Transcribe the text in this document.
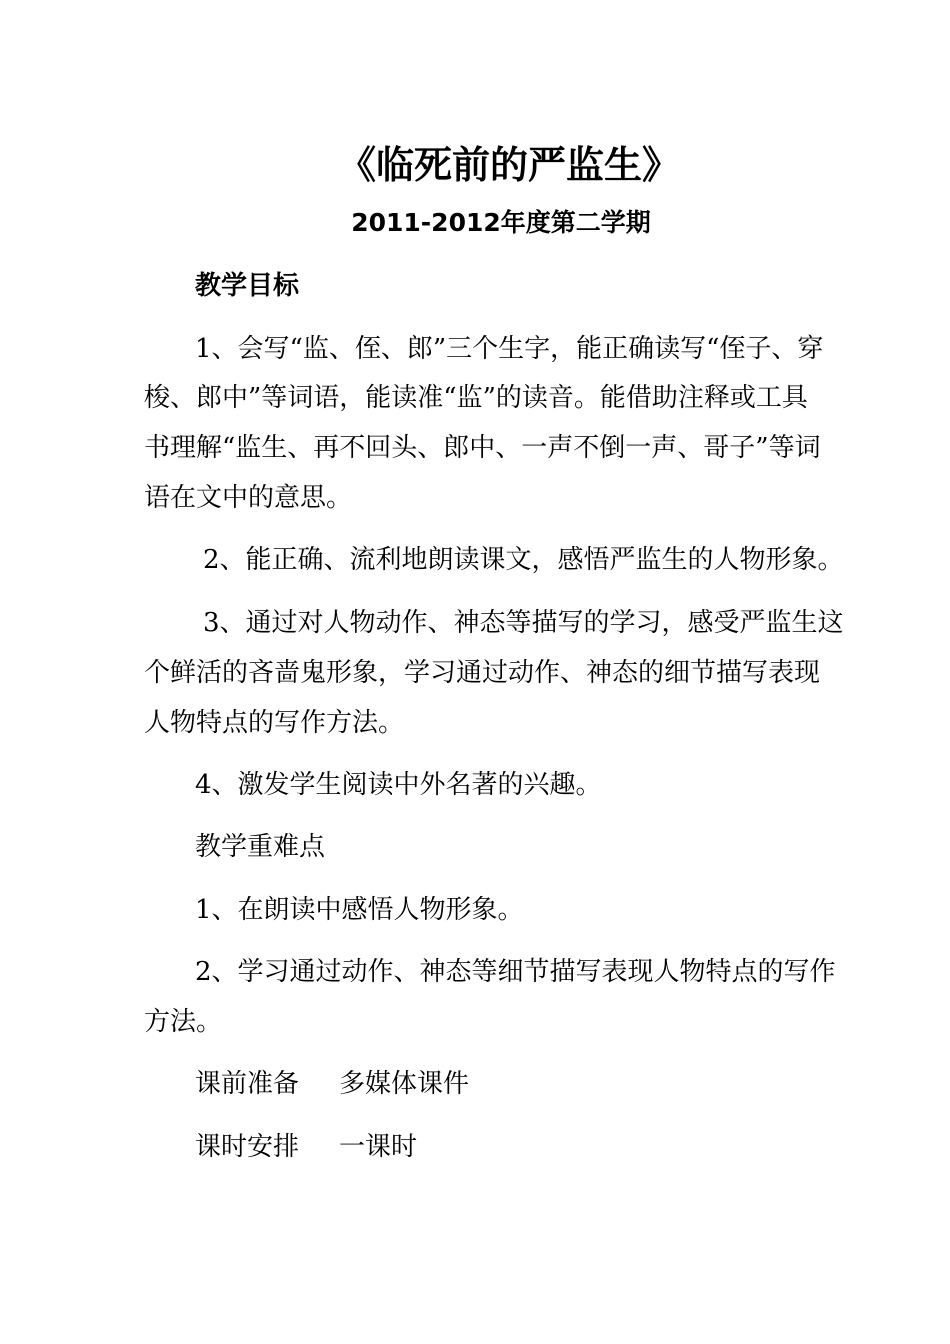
《临死前的严监生》

2011-2012年度第二学期

教学目标

1、会写“监、侄、郎”三个生字，能正确读写“侄子、穿

梭、郎中”等词语，能读准“监”的读音。能借助注释或工具

书理解“监生、再不回头、郎中、一声不倒一声、哥子”等词

语在文中的意思。

2、能正确、流利地朗读课文，感悟严监生的人物形象。

3、通过对人物动作、神态等描写的学习，感受严监生这

个鲜活的吝啬鬼形象，学习通过动作、神态的细节描写表现

人物特点的写作方法。

4、激发学生阅读中外名著的兴趣。

教学重难点

1、在朗读中感悟人物形象。

2、学习通过动作、神态等细节描写表现人物特点的写作

方法。

课前准备 多媒体课件

课时安排 一课时
